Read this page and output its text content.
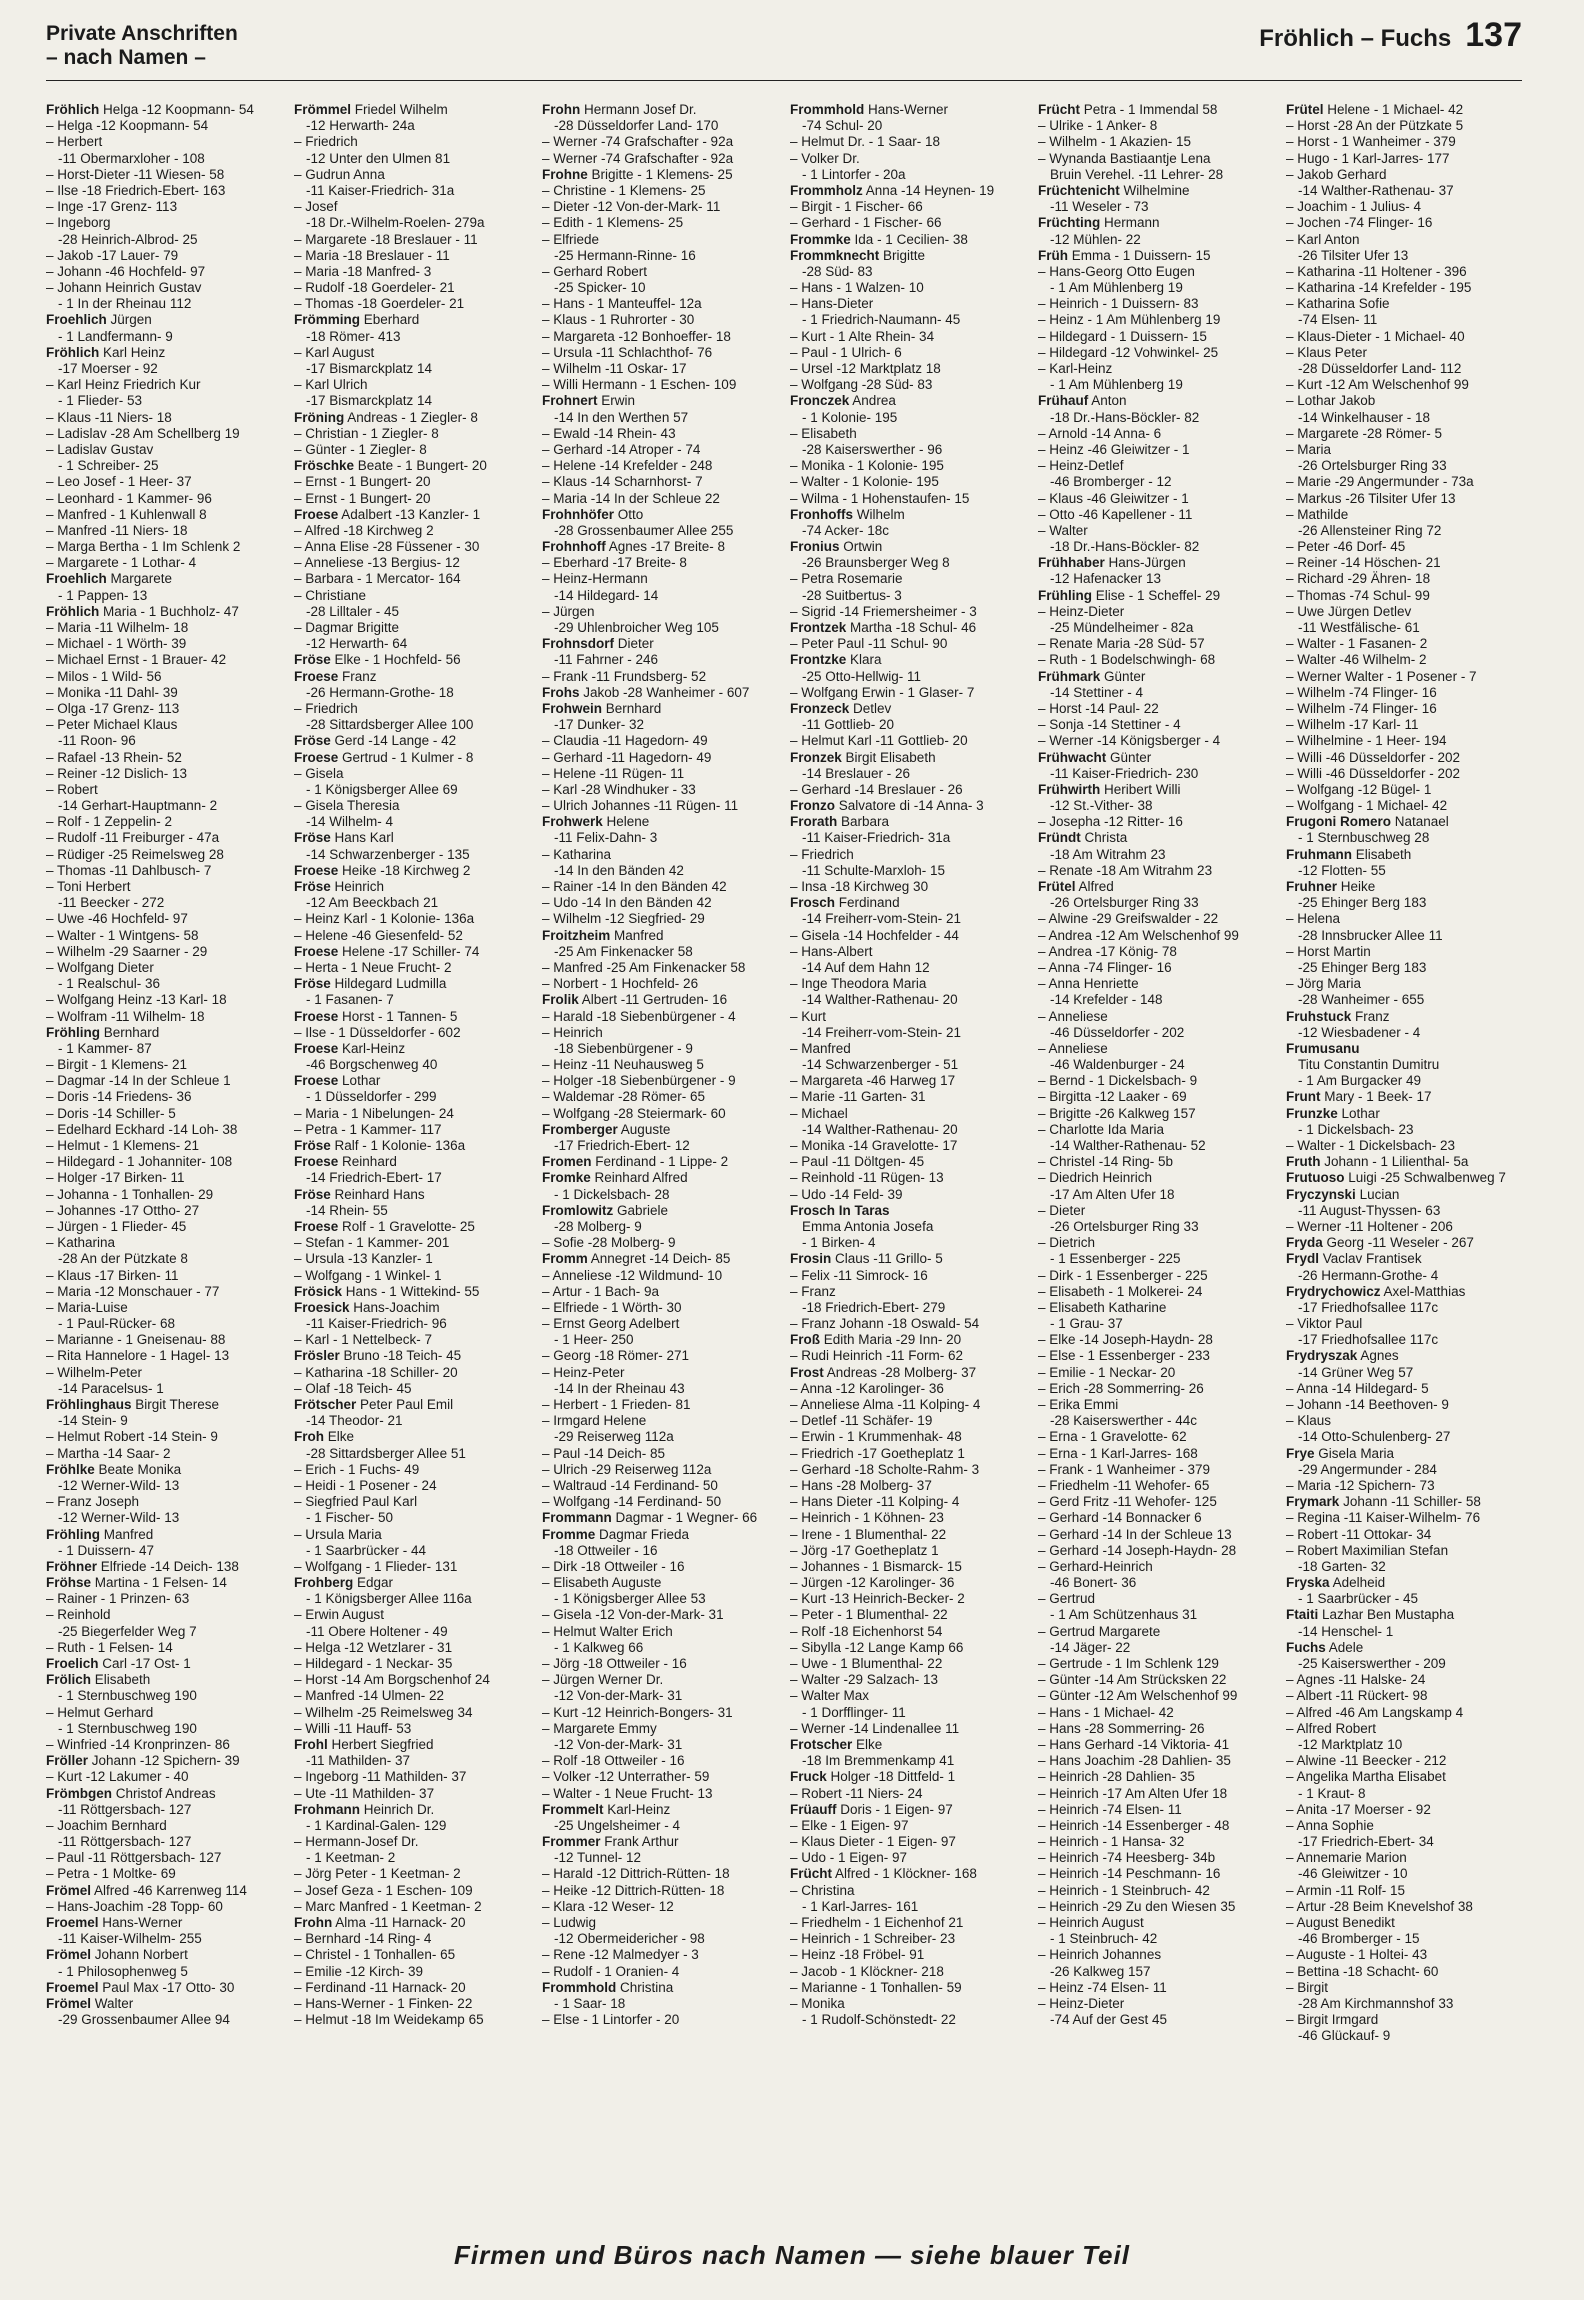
Private Anschriften
– nach Namen –
Fröhlich – Fuchs 137
Fröhlich Helga -12 Koopmann- 54
– Helga -12 Koopmann- 54
– Herbert
-11 Obermarxloher - 108
– Horst-Dieter -11 Wiesen- 58
– Ilse -18 Friedrich-Ebert- 163
– Inge -17 Grenz- 113
– Ingeborg
-28 Heinrich-Albrod- 25
– Jakob -17 Lauer- 79
– Johann -46 Hochfeld- 97
– Johann Heinrich Gustav
- 1 In der Rheinau 112
Froehlich Jürgen
- 1 Landfermann- 9
Fröhlich Karl Heinz
-17 Moerser - 92
– Karl Heinz Friedrich Kur
- 1 Flieder- 53
– Klaus -11 Niers- 18
– Ladislav -28 Am Schellberg 19
– Ladislav Gustav
- 1 Schreiber- 25
– Leo Josef - 1 Heer- 37
– Leonhard - 1 Kammer- 96
– Manfred - 1 Kuhlenwall 8
– Manfred -11 Niers- 18
– Marga Bertha - 1 Im Schlenk 2
– Margarete - 1 Lothar- 4
Froehlich Margarete
- 1 Pappen- 13
Fröhlich Maria - 1 Buchholz- 47
– Maria -11 Wilhelm- 18
– Michael - 1 Wörth- 39
– Michael Ernst - 1 Brauer- 42
– Milos - 1 Wild- 56
– Monika -11 Dahl- 39
– Olga -17 Grenz- 113
– Peter Michael Klaus
-11 Roon- 96
– Rafael -13 Rhein- 52
– Reiner -12 Dislich- 13
– Robert
-14 Gerhart-Hauptmann- 2
– Rolf - 1 Zeppelin- 2
– Rudolf -11 Freiburger - 47a
– Rüdiger -25 Reimelsweg 28
– Thomas -11 Dahlbusch- 7
– Toni Herbert
-11 Beecker - 272
– Uwe -46 Hochfeld- 97
– Walter - 1 Wintgens- 58
– Wilhelm -29 Saarner - 29
– Wolfgang Dieter
- 1 Realschul- 36
– Wolfgang Heinz -13 Karl- 18
– Wolfram -11 Wilhelm- 18
Fröhling Bernhard
- 1 Kammer- 87
– Birgit - 1 Klemens- 21
– Dagmar -14 In der Schleue 1
– Doris -14 Friedens- 36
– Doris -14 Schiller- 5
– Edelhard Eckhard -14 Loh- 38
– Helmut - 1 Klemens- 21
– Hildegard - 1 Johanniter- 108
– Holger -17 Birken- 11
– Johanna - 1 Tonhallen- 29
– Johannes -17 Ottho- 27
– Jürgen - 1 Flieder- 45
– Katharina
-28 An der Pützkate 8
– Klaus -17 Birken- 11
– Maria -12 Monschauer - 77
– Maria-Luise
- 1 Paul-Rücker- 68
– Marianne - 1 Gneisenau- 88
– Rita Hannelore - 1 Hagel- 13
– Wilhelm-Peter
-14 Paracelsus- 1
Fröhlinghaus Birgit Therese
-14 Stein- 9
– Helmut Robert -14 Stein- 9
– Martha -14 Saar- 2
Fröhlke Beate Monika
-12 Werner-Wild- 13
– Franz Joseph
-12 Werner-Wild- 13
Fröhling Manfred
- 1 Duissern- 47
Fröhner Elfriede -14 Deich- 138
Fröhse Martina - 1 Felsen- 14
– Rainer - 1 Prinzen- 63
– Reinhold
-25 Biegerfelder Weg 7
– Ruth - 1 Felsen- 14
Froelich Carl -17 Ost- 1
Frölich Elisabeth
- 1 Sternbuschweg 190
– Helmut Gerhard
- 1 Sternbuschweg 190
– Winfried -14 Kronprinzen- 86
Fröller Johann -12 Spichern- 39
– Kurt -12 Lakumer - 40
Frömbgen Christof Andreas
-11 Röttgersbach- 127
– Joachim Bernhard
-11 Röttgersbach- 127
– Paul -11 Röttgersbach- 127
– Petra - 1 Moltke- 69
Frömel Alfred -46 Karrenweg 114
– Hans-Joachim -28 Topp- 60
Froemel Hans-Werner
-11 Kaiser-Wilhelm- 255
Frömel Johann Norbert
- 1 Philosophenweg 5
Froemel Paul Max -17 Otto- 30
Frömel Walter
-29 Grossenbaumer Allee 94
Frömmel Friedel Wilhelm
-12 Herwarth- 24a
– Friedrich
-12 Unter den Ulmen 81
– Gudrun Anna
-11 Kaiser-Friedrich- 31a
– Josef
-18 Dr.-Wilhelm-Roelen- 279a
– Margarete -18 Breslauer - 11
– Maria -18 Breslauer - 11
– Maria -18 Manfred- 3
– Rudolf -18 Goerdeler- 21
– Thomas -18 Goerdeler- 21
Frömming Eberhard
-18 Römer- 413
– Karl August
-17 Bismarckplatz 14
– Karl Ulrich
-17 Bismarckplatz 14
Fröning Andreas - 1 Ziegler- 8
– Christian - 1 Ziegler- 8
– Günter - 1 Ziegler- 8
Fröschke Beate - 1 Bungert- 20
– Ernst - 1 Bungert- 20
– Ernst - 1 Bungert- 20
Froese Adalbert -13 Kanzler- 1
– Alfred -18 Kirchweg 2
– Anna Elise -28 Füssener - 30
– Anneliese -13 Bergius- 12
– Barbara - 1 Mercator- 164
– Christiane
-28 Lilltaler - 45
– Dagmar Brigitte
-12 Herwarth- 64
Fröse Elke - 1 Hochfeld- 56
Froese Franz
-26 Hermann-Grothe- 18
– Friedrich
-28 Sittardsberger Allee 100
Fröse Gerd -14 Lange - 42
Froese Gertrud - 1 Kulmer - 8
– Gisela
- 1 Königsberger Allee 69
– Gisela Theresia
-14 Wilhelm- 4
Fröse Hans Karl
-14 Schwarzenberger - 135
Froese Heike -18 Kirchweg 2
Fröse Heinrich
-12 Am Beeckbach 21
– Heinz Karl - 1 Kolonie- 136a
– Helene -46 Giesenfeld- 52
Froese Helene -17 Schiller- 74
– Herta - 1 Neue Frucht- 2
Fröse Hildegard Ludmilla
- 1 Fasanen- 7
Froese Horst - 1 Tannen- 5
– Ilse - 1 Düsseldorfer - 602
Froese Karl-Heinz
-46 Borgschenweg 40
Froese Lothar
- 1 Düsseldorfer - 299
– Maria - 1 Nibelungen- 24
– Petra - 1 Kammer- 117
Fröse Ralf - 1 Kolonie- 136a
Froese Reinhard
-14 Friedrich-Ebert- 17
Fröse Reinhard Hans
-14 Rhein- 55
Froese Rolf - 1 Gravelotte- 25
– Stefan - 1 Kammer- 201
– Ursula -13 Kanzler- 1
– Wolfgang - 1 Winkel- 1
Frösick Hans - 1 Wittekind- 55
Froesick Hans-Joachim
-11 Kaiser-Friedrich- 96
– Karl - 1 Nettelbeck- 7
Frösler Bruno -18 Teich- 45
– Katharina -18 Schiller- 20
– Olaf -18 Teich- 45
Frötscher Peter Paul Emil
-14 Theodor- 21
Froh Elke
-28 Sittardsberger Allee 51
– Erich - 1 Fuchs- 49
– Heidi - 1 Posener - 24
– Siegfried Paul Karl
- 1 Fischer- 50
– Ursula Maria
- 1 Saarbrücker - 44
– Wolfgang - 1 Flieder- 131
Frohberg Edgar
- 1 Königsberger Allee 116a
– Erwin August
-11 Obere Holtener - 49
– Helga -12 Wetzlarer - 31
– Hildegard - 1 Neckar- 35
– Horst -14 Am Borgschenhof 24
– Manfred -14 Ulmen- 22
– Wilhelm -25 Reimelsweg 34
– Willi -11 Hauff- 53
Frohl Herbert Siegfried
-11 Mathilden- 37
– Ingeborg -11 Mathilden- 37
– Ute -11 Mathilden- 37
Frohmann Heinrich Dr.
- 1 Kardinal-Galen- 129
– Hermann-Josef Dr.
- 1 Keetman- 2
– Jörg Peter - 1 Keetman- 2
– Josef Geza - 1 Eschen- 109
– Marc Manfred - 1 Keetman- 2
Frohn Alma -11 Harnack- 20
– Bernhard -14 Ring- 4
– Christel - 1 Tonhallen- 65
– Emilie -12 Kirch- 39
– Ferdinand -11 Harnack- 20
– Hans-Werner - 1 Finken- 22
– Helmut -18 Im Weidekamp 65
Frohn Hermann Josef Dr.
-28 Düsseldorfer Land- 170
– Werner -74 Grafschafter - 92a
– Werner -74 Grafschafter - 92a
Frohne Brigitte - 1 Klemens- 25
– Christine - 1 Klemens- 25
– Dieter -12 Von-der-Mark- 11
– Edith - 1 Klemens- 25
– Elfriede
-25 Hermann-Rinne- 16
– Gerhard Robert
-25 Spicker- 10
– Hans - 1 Manteuffel- 12a
– Klaus - 1 Ruhrorter - 30
– Margareta -12 Bonhoeffer- 18
– Ursula -11 Schlachthof- 76
– Wilhelm -11 Oskar- 17
– Willi Hermann - 1 Eschen- 109
Frohnert Erwin
-14 In den Werthen 57
– Ewald -14 Rhein- 43
– Gerhard -14 Atroper - 74
– Helene -14 Krefelder - 248
– Klaus -14 Scharnhorst- 7
– Maria -14 In der Schleue 22
Frohnhöfer Otto
-28 Grossenbaumer Allee 255
Frohnhoff Agnes -17 Breite- 8
– Eberhard -17 Breite- 8
– Heinz-Hermann
-14 Hildegard- 14
– Jürgen
-29 Uhlenbroicher Weg 105
Frohnsdorf Dieter
-11 Fahrner - 246
– Frank -11 Frundsberg- 52
Frohs Jakob -28 Wanheimer - 607
Frohwein Bernhard
-17 Dunker- 32
– Claudia -11 Hagedorn- 49
– Gerhard -11 Hagedorn- 49
– Helene -11 Rügen- 11
– Karl -28 Windhuker - 33
– Ulrich Johannes -11 Rügen- 11
Frohwerk Helene
-11 Felix-Dahn- 3
– Katharina
-14 In den Bänden 42
– Rainer -14 In den Bänden 42
– Udo -14 In den Bänden 42
– Wilhelm -12 Siegfried- 29
Froitzheim Manfred
-25 Am Finkenacker 58
– Manfred -25 Am Finkenacker 58
– Norbert - 1 Hochfeld- 26
Frolik Albert -11 Gertruden- 16
– Harald -18 Siebenbürgener - 4
– Heinrich
-18 Siebenbürgener - 9
– Heinz -11 Neuhausweg 5
– Holger -18 Siebenbürgener - 9
– Waldemar -28 Römer- 65
– Wolfgang -28 Steiermark- 60
Fromberger Auguste
-17 Friedrich-Ebert- 12
Fromen Ferdinand - 1 Lippe- 2
Fromke Reinhard Alfred
- 1 Dickelsbach- 28
Fromlowitz Gabriele
-28 Molberg- 9
– Sofie -28 Molberg- 9
Fromm Annegret -14 Deich- 85
– Anneliese -12 Wildmund- 10
– Artur - 1 Bach- 9a
– Elfriede - 1 Wörth- 30
– Ernst Georg Adelbert
- 1 Heer- 250
– Georg -18 Römer- 271
– Heinz-Peter
-14 In der Rheinau 43
– Herbert - 1 Frieden- 81
– Irmgard Helene
-29 Reiserweg 112a
– Paul -14 Deich- 85
– Ulrich -29 Reiserweg 112a
– Waltraud -14 Ferdinand- 50
– Wolfgang -14 Ferdinand- 50
Frommann Dagmar - 1 Wegner- 66
Fromme Dagmar Frieda
-18 Ottweiler - 16
– Dirk -18 Ottweiler - 16
– Elisabeth Auguste
- 1 Königsberger Allee 53
– Gisela -12 Von-der-Mark- 31
– Helmut Walter Erich
- 1 Kalkweg 66
– Jörg -18 Ottweiler - 16
– Jürgen Werner Dr.
-12 Von-der-Mark- 31
– Kurt -12 Heinrich-Bongers- 31
– Margarete Emmy
-12 Von-der-Mark- 31
– Rolf -18 Ottweiler - 16
– Volker -12 Unterrather- 59
– Walter - 1 Neue Frucht- 13
Frommelt Karl-Heinz
-25 Ungelsheimer - 4
Frommer Frank Arthur
-12 Tunnel- 12
– Harald -12 Dittrich-Rütten- 18
– Heike -12 Dittrich-Rütten- 18
– Klara -12 Weser- 12
– Ludwig
-12 Obermeidericher - 98
– Rene -12 Malmedyer - 3
– Rudolf - 1 Oranien- 4
Frommhold Christina
- 1 Saar- 18
– Else - 1 Lintorfer - 20
Frommhold Hans-Werner
-74 Schul- 20
– Helmut Dr. - 1 Saar- 18
– Volker Dr.
- 1 Lintorfer - 20a
Frommholz Anna -14 Heynen- 19
– Birgit - 1 Fischer- 66
– Gerhard - 1 Fischer- 66
Frommke Ida - 1 Cecilien- 38
Frommknecht Brigitte
-28 Süd- 83
– Hans - 1 Walzen- 10
– Hans-Dieter
- 1 Friedrich-Naumann- 45
– Kurt - 1 Alte Rhein- 34
– Paul - 1 Ulrich- 6
– Ursel -12 Marktplatz 18
– Wolfgang -28 Süd- 83
Fronczek Andrea
- 1 Kolonie- 195
– Elisabeth
-28 Kaiserswerther - 96
– Monika - 1 Kolonie- 195
– Walter - 1 Kolonie- 195
– Wilma - 1 Hohenstaufen- 15
Fronhoffs Wilhelm
-74 Acker- 18c
Fronius Ortwin
-26 Braunsberger Weg 8
– Petra Rosemarie
-28 Suitbertus- 3
– Sigrid -14 Friemersheimer - 3
Frontzek Martha -18 Schul- 46
– Peter Paul -11 Schul- 90
Frontzke Klara
-25 Otto-Hellwig- 11
– Wolfgang Erwin - 1 Glaser- 7
Fronzeck Detlev
-11 Gottlieb- 20
– Helmut Karl -11 Gottlieb- 20
Fronzek Birgit Elisabeth
-14 Breslauer - 26
– Gerhard -14 Breslauer - 26
Fronzo Salvatore di -14 Anna- 3
Frorath Barbara
-11 Kaiser-Friedrich- 31a
– Friedrich
-11 Schulte-Marxloh- 15
– Insa -18 Kirchweg 30
Frosch Ferdinand
-14 Freiherr-vom-Stein- 21
– Gisela -14 Hochfelder - 44
– Hans-Albert
-14 Auf dem Hahn 12
– Inge Theodora Maria
-14 Walther-Rathenau- 20
– Kurt
-14 Freiherr-vom-Stein- 21
– Manfred
-14 Schwarzenberger - 51
– Margareta -46 Harweg 17
– Marie -11 Garten- 31
– Michael
-14 Walther-Rathenau- 20
– Monika -14 Gravelotte- 17
– Paul -11 Döltgen- 45
– Reinhold -11 Rügen- 13
– Udo -14 Feld- 39
Frosch In Taras
Emma Antonia Josefa
- 1 Birken- 4
Frosin Claus -11 Grillo- 5
– Felix -11 Simrock- 16
– Franz
-18 Friedrich-Ebert- 279
– Franz Johann -18 Oswald- 54
Froß Edith Maria -29 Inn- 20
– Rudi Heinrich -11 Form- 62
Frost Andreas -28 Molberg- 37
– Anna -12 Karolinger- 36
– Anneliese Alma -11 Kolping- 4
– Detlef -11 Schäfer- 19
– Erwin - 1 Krummenhak- 48
– Friedrich -17 Goetheplatz 1
– Gerhard -18 Scholte-Rahm- 3
– Hans -28 Molberg- 37
– Hans Dieter -11 Kolping- 4
– Heinrich - 1 Köhnen- 23
– Irene - 1 Blumenthal- 22
– Jörg -17 Goetheplatz 1
– Johannes - 1 Bismarck- 15
– Jürgen -12 Karolinger- 36
– Kurt -13 Heinrich-Becker- 2
– Peter - 1 Blumenthal- 22
– Rolf -18 Eichenhorst 54
– Sibylla -12 Lange Kamp 66
– Uwe - 1 Blumenthal- 22
– Walter -29 Salzach- 13
– Walter Max
- 1 Dorfflinger- 11
– Werner -14 Lindenallee 11
Frotscher Elke
-18 Im Bremmenkamp 41
Fruck Holger -18 Dittfeld- 1
– Robert -11 Niers- 24
Früauff Doris - 1 Eigen- 97
– Elke - 1 Eigen- 97
– Klaus Dieter - 1 Eigen- 97
– Udo - 1 Eigen- 97
Frücht Alfred - 1 Klöckner- 168
– Christina
- 1 Karl-Jarres- 161
– Friedhelm - 1 Eichenhof 21
– Heinrich - 1 Schreiber- 23
– Heinz -18 Fröbel- 91
– Jacob - 1 Klöckner- 218
– Marianne - 1 Tonhallen- 59
– Monika
- 1 Rudolf-Schönstedt- 22
Frücht Petra - 1 Immendal 58
– Ulrike - 1 Anker- 8
– Wilhelm - 1 Akazien- 15
– Wynanda Bastiaantje Lena
Bruin Verehel. -11 Lehrer- 28
Früchtenicht Wilhelmine
-11 Weseler - 73
Früchting Hermann
-12 Mühlen- 22
Früh Emma - 1 Duissern- 15
– Hans-Georg Otto Eugen
- 1 Am Mühlenberg 19
– Heinrich - 1 Duissern- 83
– Heinz - 1 Am Mühlenberg 19
– Hildegard - 1 Duissern- 15
– Hildegard -12 Vohwinkel- 25
– Karl-Heinz
- 1 Am Mühlenberg 19
Frühauf Anton
-18 Dr.-Hans-Böckler- 82
– Arnold -14 Anna- 6
– Heinz -46 Gleiwitzer - 1
– Heinz-Detlef
-46 Bromberger - 12
– Klaus -46 Gleiwitzer - 1
– Otto -46 Kapellener - 11
– Walter
-18 Dr.-Hans-Böckler- 82
Frühhaber Hans-Jürgen
-12 Hafenacker 13
Frühling Elise - 1 Scheffel- 29
– Heinz-Dieter
-25 Mündelheimer - 82a
– Renate Maria -28 Süd- 57
– Ruth - 1 Bodelschwingh- 68
Frühmark Günter
-14 Stettiner - 4
– Horst -14 Paul- 22
– Sonja -14 Stettiner - 4
– Werner -14 Königsberger - 4
Frühwacht Günter
-11 Kaiser-Friedrich- 230
Frühwirth Heribert Willi
-12 St.-Vither- 38
– Josepha -12 Ritter- 16
Fründt Christa
-18 Am Witrahm 23
– Renate -18 Am Witrahm 23
Frütel Alfred
-26 Ortelsburger Ring 33
– Alwine -29 Greifswalder - 22
– Andrea -12 Am Welschenhof 99
– Andrea -17 König- 78
– Anna -74 Flinger- 16
– Anna Henriette
-14 Krefelder - 148
– Anneliese
-46 Düsseldorfer - 202
– Anneliese
-46 Waldenburger - 24
– Bernd - 1 Dickelsbach- 9
– Birgitta -12 Laaker - 69
– Brigitte -26 Kalkweg 157
– Charlotte Ida Maria
-14 Walther-Rathenau- 52
– Christel -14 Ring- 5b
– Diedrich Heinrich
-17 Am Alten Ufer 18
– Dieter
-26 Ortelsburger Ring 33
– Dietrich
- 1 Essenberger - 225
– Dirk - 1 Essenberger - 225
– Elisabeth - 1 Molkerei- 24
– Elisabeth Katharine
- 1 Grau- 37
– Elke -14 Joseph-Haydn- 28
– Else - 1 Essenberger - 233
– Emilie - 1 Neckar- 20
– Erich -28 Sommerring- 26
– Erika Emmi
-28 Kaiserswerther - 44c
– Erna - 1 Gravelotte- 62
– Erna - 1 Karl-Jarres- 168
– Frank - 1 Wanheimer - 379
– Friedhelm -11 Wehofer- 65
– Gerd Fritz -11 Wehofer- 125
– Gerhard -14 Bonnacker 6
– Gerhard -14 In der Schleue 13
– Gerhard -14 Joseph-Haydn- 28
– Gerhard-Heinrich
-46 Bonert- 36
– Gertrud
- 1 Am Schützenhaus 31
– Gertrud Margarete
-14 Jäger- 22
– Gertrude - 1 Im Schlenk 129
– Günter -14 Am Strücksken 22
– Günter -12 Am Welschenhof 99
– Hans - 1 Michael- 42
– Hans -28 Sommerring- 26
– Hans Gerhard -14 Viktoria- 41
– Hans Joachim -28 Dahlien- 35
– Heinrich -28 Dahlien- 35
– Heinrich -17 Am Alten Ufer 18
– Heinrich -74 Elsen- 11
– Heinrich -14 Essenberger - 48
– Heinrich - 1 Hansa- 32
– Heinrich -74 Heesberg- 34b
– Heinrich -14 Peschmann- 16
– Heinrich - 1 Steinbruch- 42
– Heinrich -29 Zu den Wiesen 35
– Heinrich August
- 1 Steinbruch- 42
– Heinrich Johannes
-26 Kalkweg 157
– Heinz -74 Elsen- 11
– Heinz-Dieter
-74 Auf der Gest 45
Frütel Helene - 1 Michael- 42
– Horst -28 An der Pützkate 5
– Horst - 1 Wanheimer - 379
– Hugo - 1 Karl-Jarres- 177
– Jakob Gerhard
-14 Walther-Rathenau- 37
– Joachim - 1 Julius- 4
– Jochen -74 Flinger- 16
– Karl Anton
-26 Tilsiter Ufer 13
– Katharina -11 Holtener - 396
– Katharina -14 Krefelder - 195
– Katharina Sofie
-74 Elsen- 11
– Klaus-Dieter - 1 Michael- 40
– Klaus Peter
-28 Düsseldorfer Land- 112
– Kurt -12 Am Welschenhof 99
– Lothar Jakob
-14 Winkelhauser - 18
– Margarete -28 Römer- 5
– Maria
-26 Ortelsburger Ring 33
– Marie -29 Angermunder - 73a
– Markus -26 Tilsiter Ufer 13
– Mathilde
-26 Allensteiner Ring 72
– Peter -46 Dorf- 45
– Reiner -14 Höschen- 21
– Richard -29 Ähren- 18
– Thomas -74 Schul- 99
– Uwe Jürgen Detlev
-11 Westfälische- 61
– Walter - 1 Fasanen- 2
– Walter -46 Wilhelm- 2
– Werner Walter - 1 Posener - 7
– Wilhelm -74 Flinger- 16
– Wilhelm -74 Flinger- 16
– Wilhelm -17 Karl- 11
– Wilhelmine - 1 Heer- 194
– Willi -46 Düsseldorfer - 202
– Willi -46 Düsseldorfer - 202
– Wolfgang -12 Bügel- 1
– Wolfgang - 1 Michael- 42
Frugoni Romero Natanael
- 1 Sternbuschweg 28
Fruhmann Elisabeth
-12 Flotten- 55
Fruhner Heike
-25 Ehinger Berg 183
– Helena
-28 Innsbrucker Allee 11
– Horst Martin
-25 Ehinger Berg 183
– Jörg Maria
-28 Wanheimer - 655
Fruhstuck Franz
-12 Wiesbadener - 4
Frumusanu
Titu Constantin Dumitru
- 1 Am Burgacker 49
Frunt Mary - 1 Beek- 17
Frunzke Lothar
- 1 Dickelsbach- 23
– Walter - 1 Dickelsbach- 23
Fruth Johann - 1 Lilienthal- 5a
Frutuoso Luigi -25 Schwalbenweg 7
Fryczynski Lucian
-11 August-Thyssen- 63
– Werner -11 Holtener - 206
Fryda Georg -11 Weseler - 267
Frydl Vaclav Frantisek
-26 Hermann-Grothe- 4
Frydrychowicz Axel-Matthias
-17 Friedhofsallee 117c
– Viktor Paul
-17 Friedhofsallee 117c
Frydryszak Agnes
-14 Grüner Weg 57
– Anna -14 Hildegard- 5
– Johann -14 Beethoven- 9
– Klaus
-14 Otto-Schulenberg- 27
Frye Gisela Maria
-29 Angermunder - 284
– Maria -12 Spichern- 73
Frymark Johann -11 Schiller- 58
– Regina -11 Kaiser-Wilhelm- 76
– Robert -11 Ottokar- 34
– Robert Maximilian Stefan
-18 Garten- 32
Fryska Adelheid
- 1 Saarbrücker - 45
Ftaiti Lazhar Ben Mustapha
-14 Henschel- 1
Fuchs Adele
-25 Kaiserswerther - 209
– Agnes -11 Halske- 24
– Albert -11 Rückert- 98
– Alfred -46 Am Langskamp 4
– Alfred Robert
-12 Marktplatz 10
– Alwine -11 Beecker - 212
– Angelika Martha Elisabet
- 1 Kraut- 8
– Anita -17 Moerser - 92
– Anna Sophie
-17 Friedrich-Ebert- 34
– Annemarie Marion
-46 Gleiwitzer - 10
– Armin -11 Rolf- 15
– Artur -28 Beim Knevelshof 38
– August Benedikt
-46 Bromberger - 15
– Auguste - 1 Holtei- 43
– Bettina -18 Schacht- 60
– Birgit
-28 Am Kirchmannshof 33
– Birgit Irmgard
-46 Glückauf- 9
Firmen und Büros nach Namen — siehe blauer Teil
